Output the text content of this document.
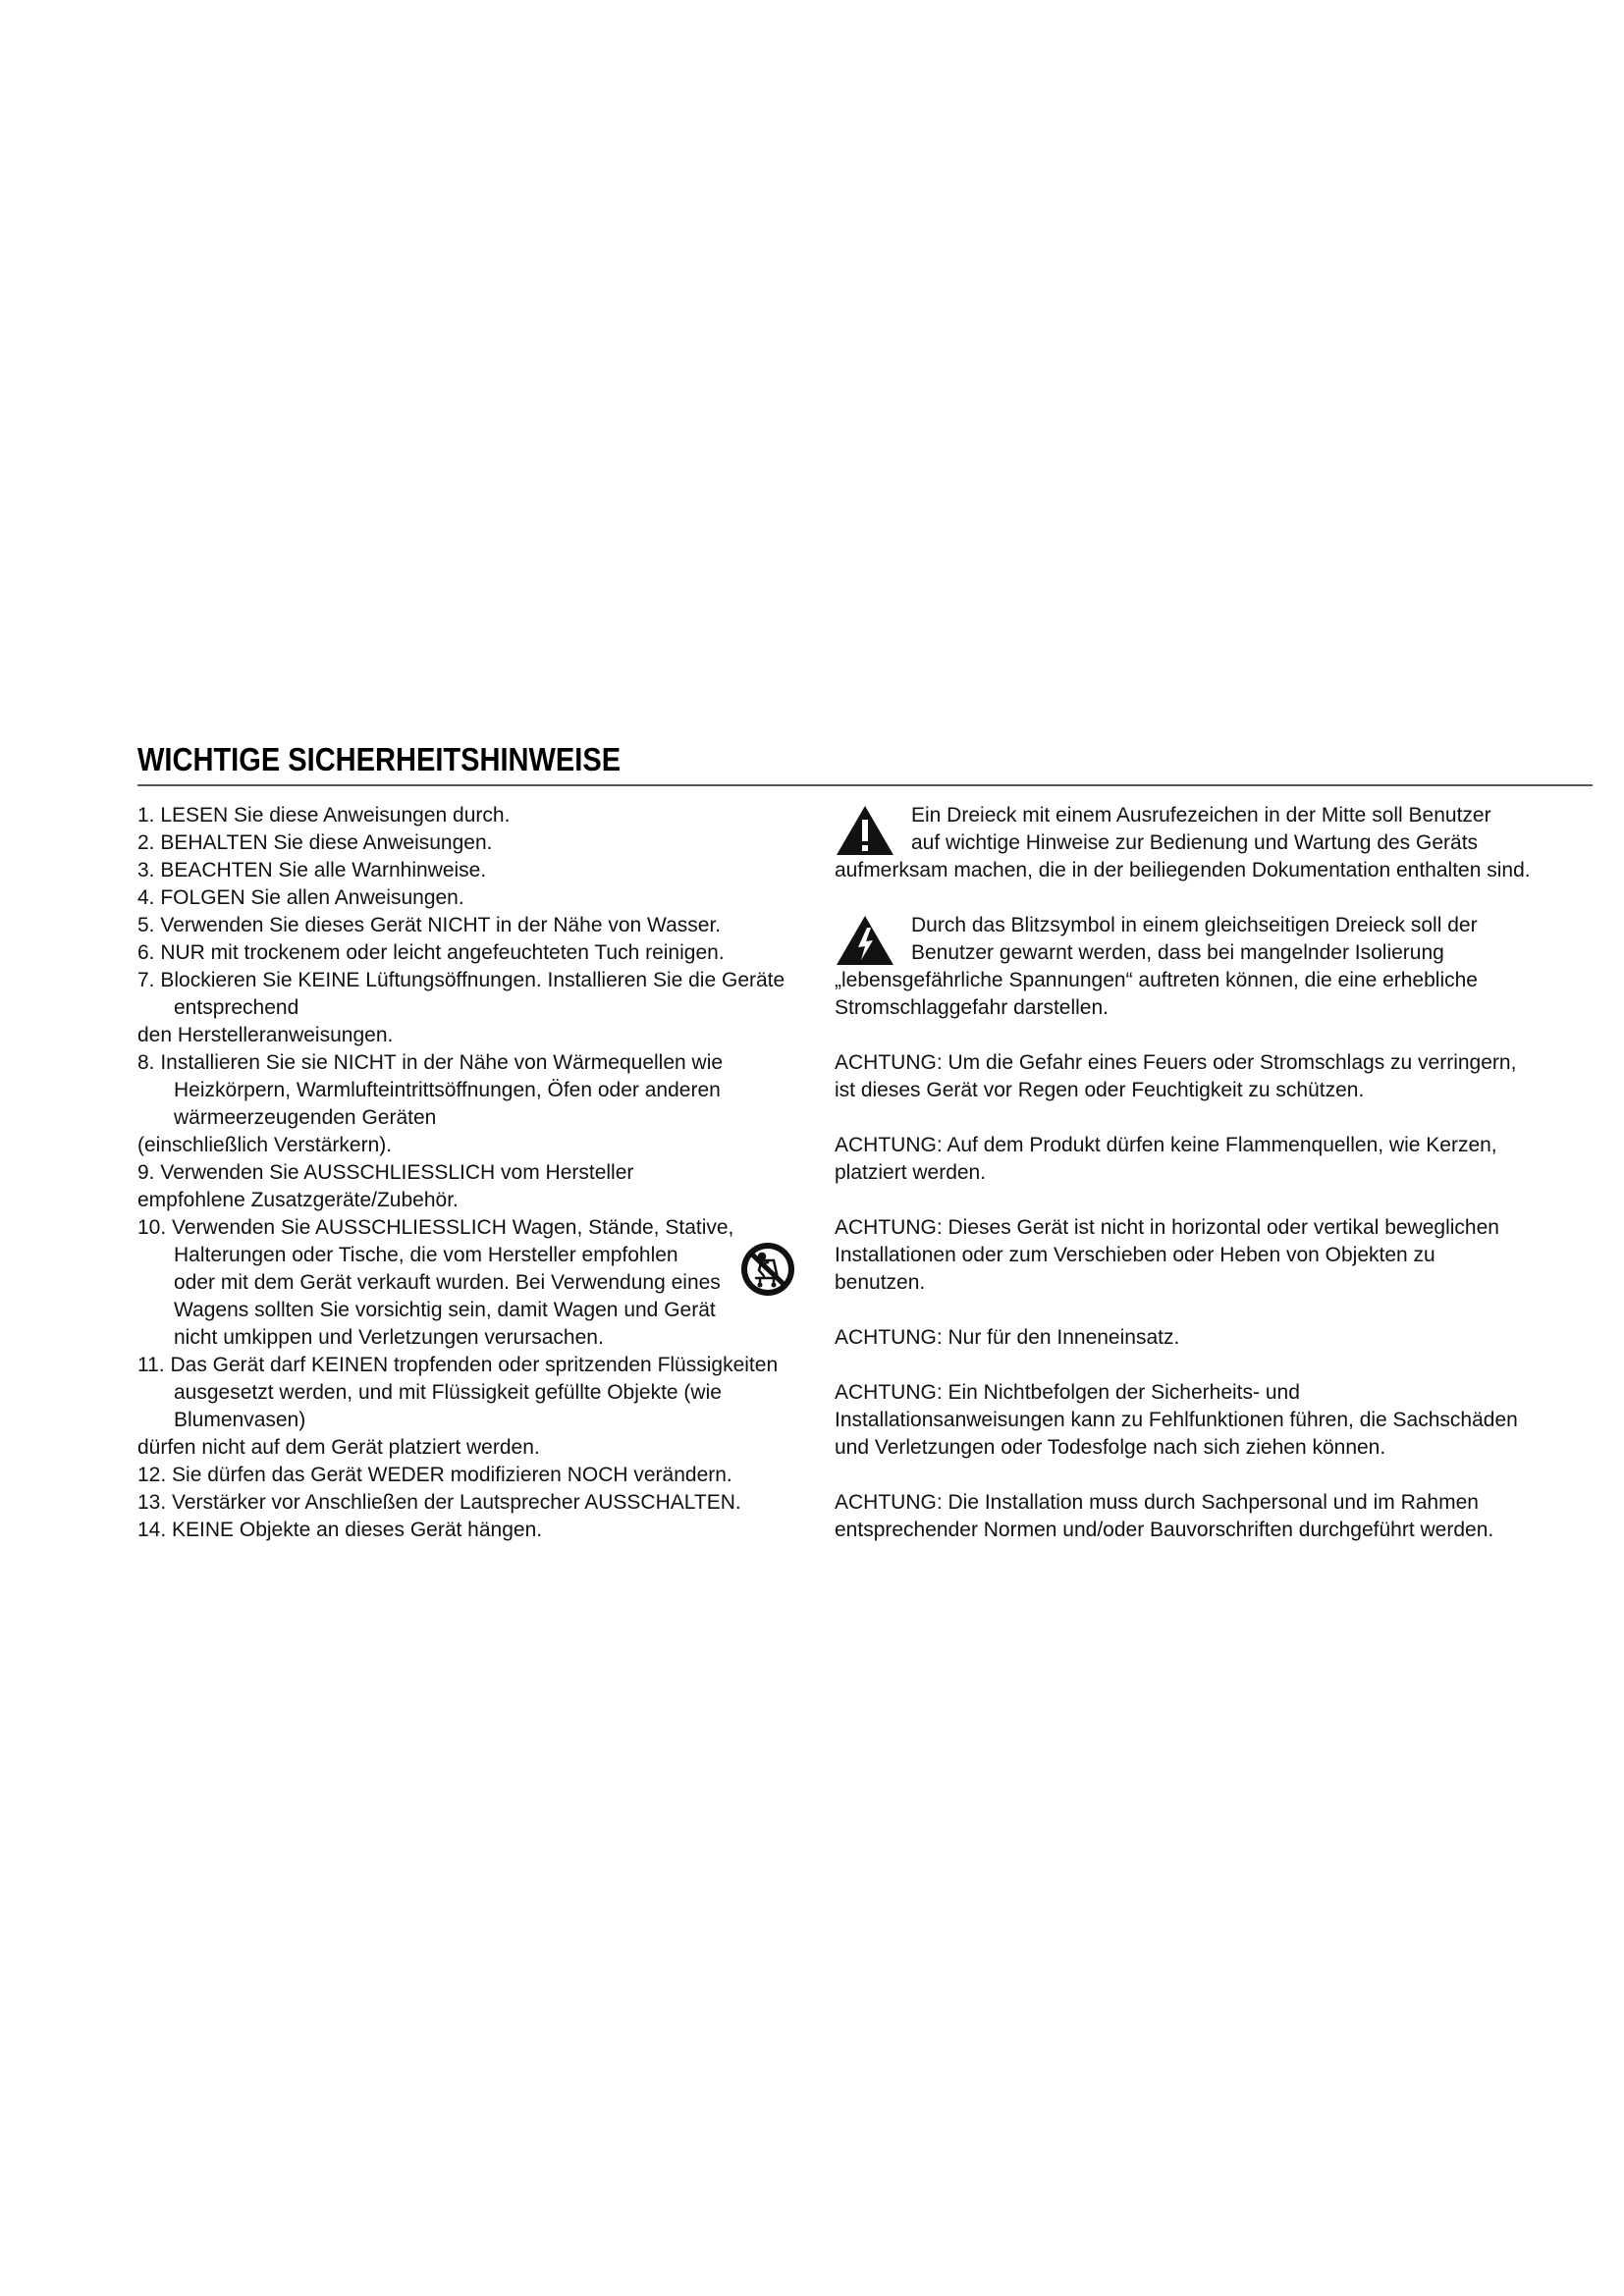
WICHTIGE SICHERHEITSHINWEISE
1. LESEN Sie diese Anweisungen durch.
2. BEHALTEN Sie diese Anweisungen.
3. BEACHTEN Sie alle Warnhinweise.
4. FOLGEN Sie allen Anweisungen.
5. Verwenden Sie dieses Gerät NICHT in der Nähe von Wasser.
6. NUR mit trockenem oder leicht angefeuchteten Tuch reinigen.
7. Blockieren Sie KEINE Lüftungsöffnungen. Installieren Sie die Geräte
entsprechend
den Herstelleranweisungen.
8. Installieren Sie sie NICHT in der Nähe von Wärmequellen wie
Heizkörpern, Warmlufteintrittsöffnungen, Öfen oder anderen
wärmeerzeugenden Geräten
(einschließlich Verstärkern).
9. Verwenden Sie AUSSCHLIESSLICH vom Hersteller
empfohlene Zusatzgeräte/Zubehör.
10. Verwenden Sie AUSSCHLIESSLICH Wagen, Stände, Stative,
Halterungen oder Tische, die vom Hersteller empfohlen
oder mit dem Gerät verkauft wurden. Bei Verwendung eines
Wagens sollten Sie vorsichtig sein, damit Wagen und Gerät
nicht umkippen und Verletzungen verursachen.
11. Das Gerät darf KEINEN tropfenden oder spritzenden Flüssigkeiten
ausgesetzt werden, und mit Flüssigkeit gefüllte Objekte (wie
Blumenvasen)
dürfen nicht auf dem Gerät platziert werden.
12. Sie dürfen das Gerät WEDER modifizieren NOCH verändern.
13. Verstärker vor Anschließen der Lautsprecher AUSSCHALTEN.
14. KEINE Objekte an dieses Gerät hängen.
Ein Dreieck mit einem Ausrufezeichen in der Mitte soll Benutzer
auf wichtige Hinweise zur Bedienung und Wartung des Geräts
aufmerksam machen, die in der beiliegenden Dokumentation enthalten sind.
Durch das Blitzsymbol in einem gleichseitigen Dreieck soll der
Benutzer gewarnt werden, dass bei mangelnder Isolierung
„lebensgefährliche Spannungen“ auftreten können, die eine erhebliche
Stromschlaggefahr darstellen.
ACHTUNG: Um die Gefahr eines Feuers oder Stromschlags zu verringern,
ist dieses Gerät vor Regen oder Feuchtigkeit zu schützen.
ACHTUNG: Auf dem Produkt dürfen keine Flammenquellen, wie Kerzen,
platziert werden.
ACHTUNG: Dieses Gerät ist nicht in horizontal oder vertikal beweglichen
Installationen oder zum Verschieben oder Heben von Objekten zu
benutzen.
ACHTUNG: Nur für den Inneneinsatz.
ACHTUNG: Ein Nichtbefolgen der Sicherheits- und
Installationsanweisungen kann zu Fehlfunktionen führen, die Sachschäden
und Verletzungen oder Todesfolge nach sich ziehen können.
ACHTUNG: Die Installation muss durch Sachpersonal und im Rahmen
entsprechender Normen und/oder Bauvorschriften durchgeführt werden.
